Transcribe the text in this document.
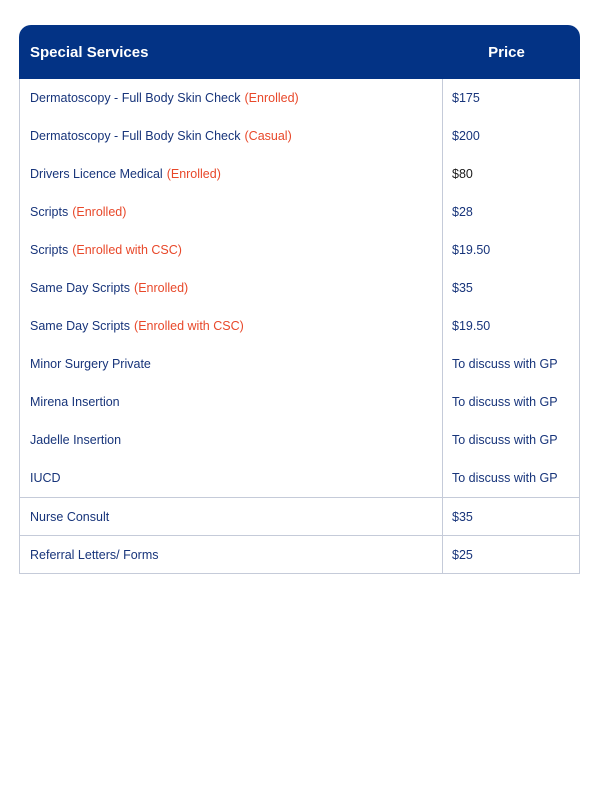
Special Services	Price
Dermatoscopy - Full Body Skin Check (Enrolled)	$175
Dermatoscopy - Full Body Skin Check (Casual)	$200
Drivers Licence Medical (Enrolled)	$80
Scripts (Enrolled)	$28
Scripts (Enrolled with CSC)	$19.50
Same Day Scripts (Enrolled)	$35
Same Day Scripts (Enrolled with CSC)	$19.50
Minor Surgery Private	To discuss with GP
Mirena Insertion	To discuss with GP
Jadelle Insertion	To discuss with GP
IUCD	To discuss with GP
Nurse Consult	$35
Referral Letters/ Forms	$25
